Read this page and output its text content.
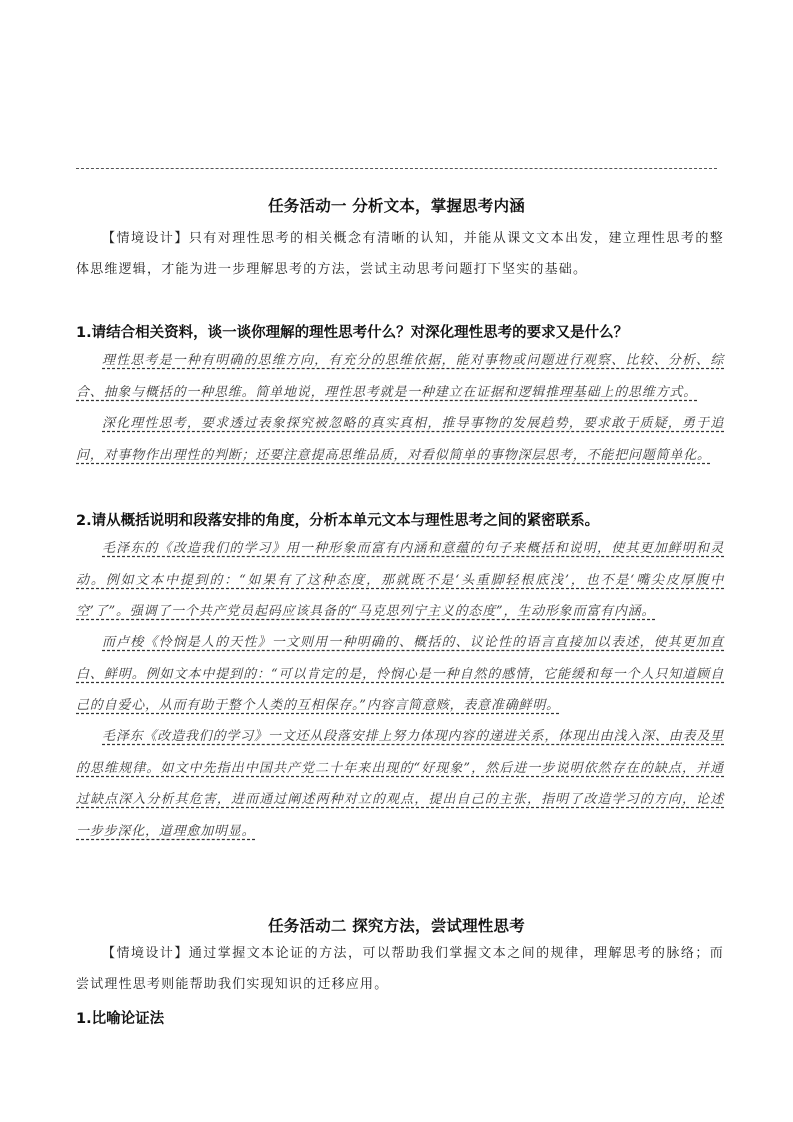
任务活动一 分析文本，掌握思考内涵
【情境设计】只有对理性思考的相关概念有清晰的认知，并能从课文文本出发，建立理性思考的整体思维逻辑，才能为进一步理解思考的方法，尝试主动思考问题打下坚实的基础。
1.请结合相关资料，谈一谈你理解的理性思考什么？对深化理性思考的要求又是什么？
理性思考是一种有明确的思维方向，有充分的思维依据，能对事物或问题进行观察、比较、分析、综合、抽象与概括的一种思维。简单地说，理性思考就是一种建立在证据和逻辑推理基础上的思维方式。
深化理性思考，要求透过表象探究被忽略的真实真相，推导事物的发展趋势，要求敢于质疑，勇于追问，对事物作出理性的判断；还要注意提高思维品质，对看似简单的事物深层思考，不能把问题简单化。
2.请从概括说明和段落安排的角度，分析本单元文本与理性思考之间的紧密联系。
毛泽东的《改造我们的学习》用一种形象而富有内涵和意蕴的句子来概括和说明，使其更加鲜明和灵动。例如文本中提到的：“如果有了这种态度，那就既不是‘头重脚轻根底浅’，也不是‘嘴尖皮厚腹中空’了”。强调了一个共产党员起码应该具备的“马克思列宁主义的态度”，生动形象而富有内涵。
而卢梭《怜悯是人的天性》一文则用一种明确的、概括的、议论性的语言直接加以表述，使其更加直白、鲜明。例如文本中提到的：“可以肯定的是，怜悯心是一种自然的感情，它能缓和每一个人只知道顾自己的自爱心，从而有助于整个人类的互相保存。”内容言简意赅，表意准确鲜明。
毛泽东《改造我们的学习》一文还从段落安排上努力体现内容的递进关系，体现出由浅入深、由表及里的思维规律。如文中先指出中国共产党二十年来出现的“好现象”，然后进一步说明依然存在的缺点，并通过缺点深入分析其危害，进而通过阐述两种对立的观点，提出自己的主张，指明了改造学习的方向，论述一步步深化，道理愈加明显。
任务活动二 探究方法，尝试理性思考
【情境设计】通过掌握文本论证的方法，可以帮助我们掌握文本之间的规律，理解思考的脉络；而尝试理性思考则能帮助我们实现知识的迁移应用。
1.比喻论证法
